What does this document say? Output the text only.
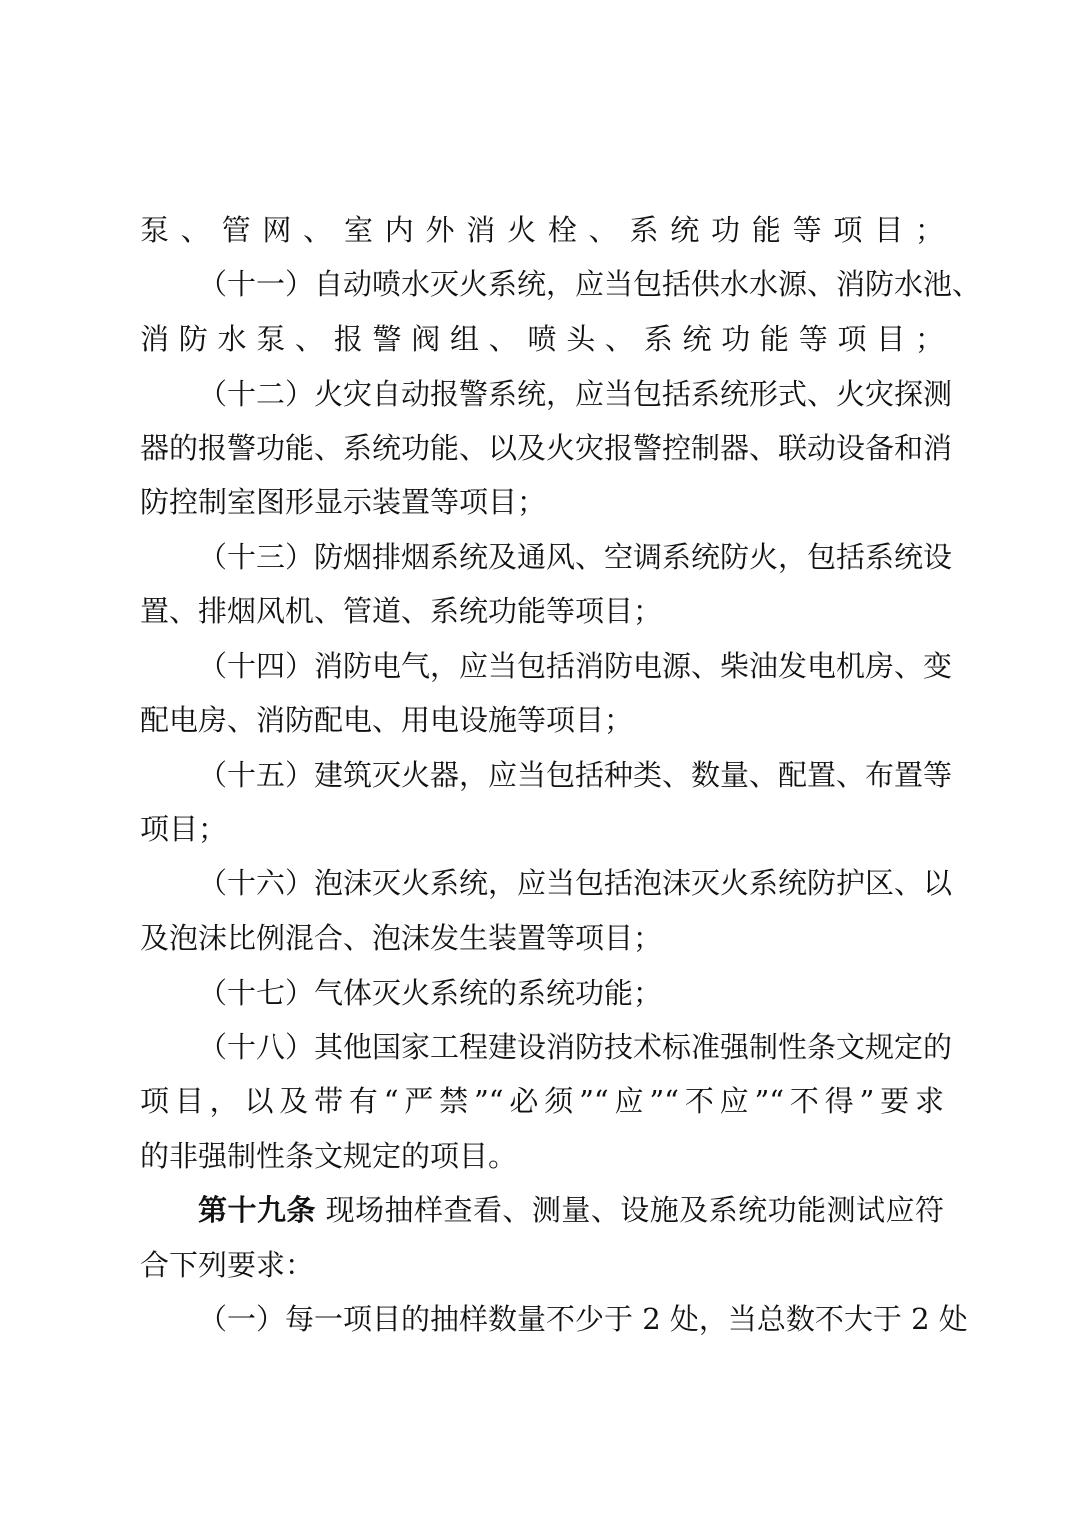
泵、管网、室内外消火栓、系统功能等项目；
（十一）自动喷水灭火系统，应当包括供水水源、消防水池、
消防水泵、报警阀组、喷头、系统功能等项目；
（十二）火灾自动报警系统，应当包括系统形式、火灾探测
器的报警功能、系统功能、以及火灾报警控制器、联动设备和消
防控制室图形显示装置等项目；
（十三）防烟排烟系统及通风、空调系统防火，包括系统设
置、排烟风机、管道、系统功能等项目；
（十四）消防电气，应当包括消防电源、柴油发电机房、变
配电房、消防配电、用电设施等项目；
（十五）建筑灭火器，应当包括种类、数量、配置、布置等
项目；
（十六）泡沫灭火系统，应当包括泡沫灭火系统防护区、以
及泡沫比例混合、泡沫发生装置等项目；
（十七）气体灭火系统的系统功能；
（十八）其他国家工程建设消防技术标准强制性条文规定的
项目，以及带有“严禁”“必须”“应”“不应”“不得”要求
的非强制性条文规定的项目。
第十九条 现场抽样查看、测量、设施及系统功能测试应符
合下列要求：
（一）每一项目的抽样数量不少于 2 处，当总数不大于 2 处
